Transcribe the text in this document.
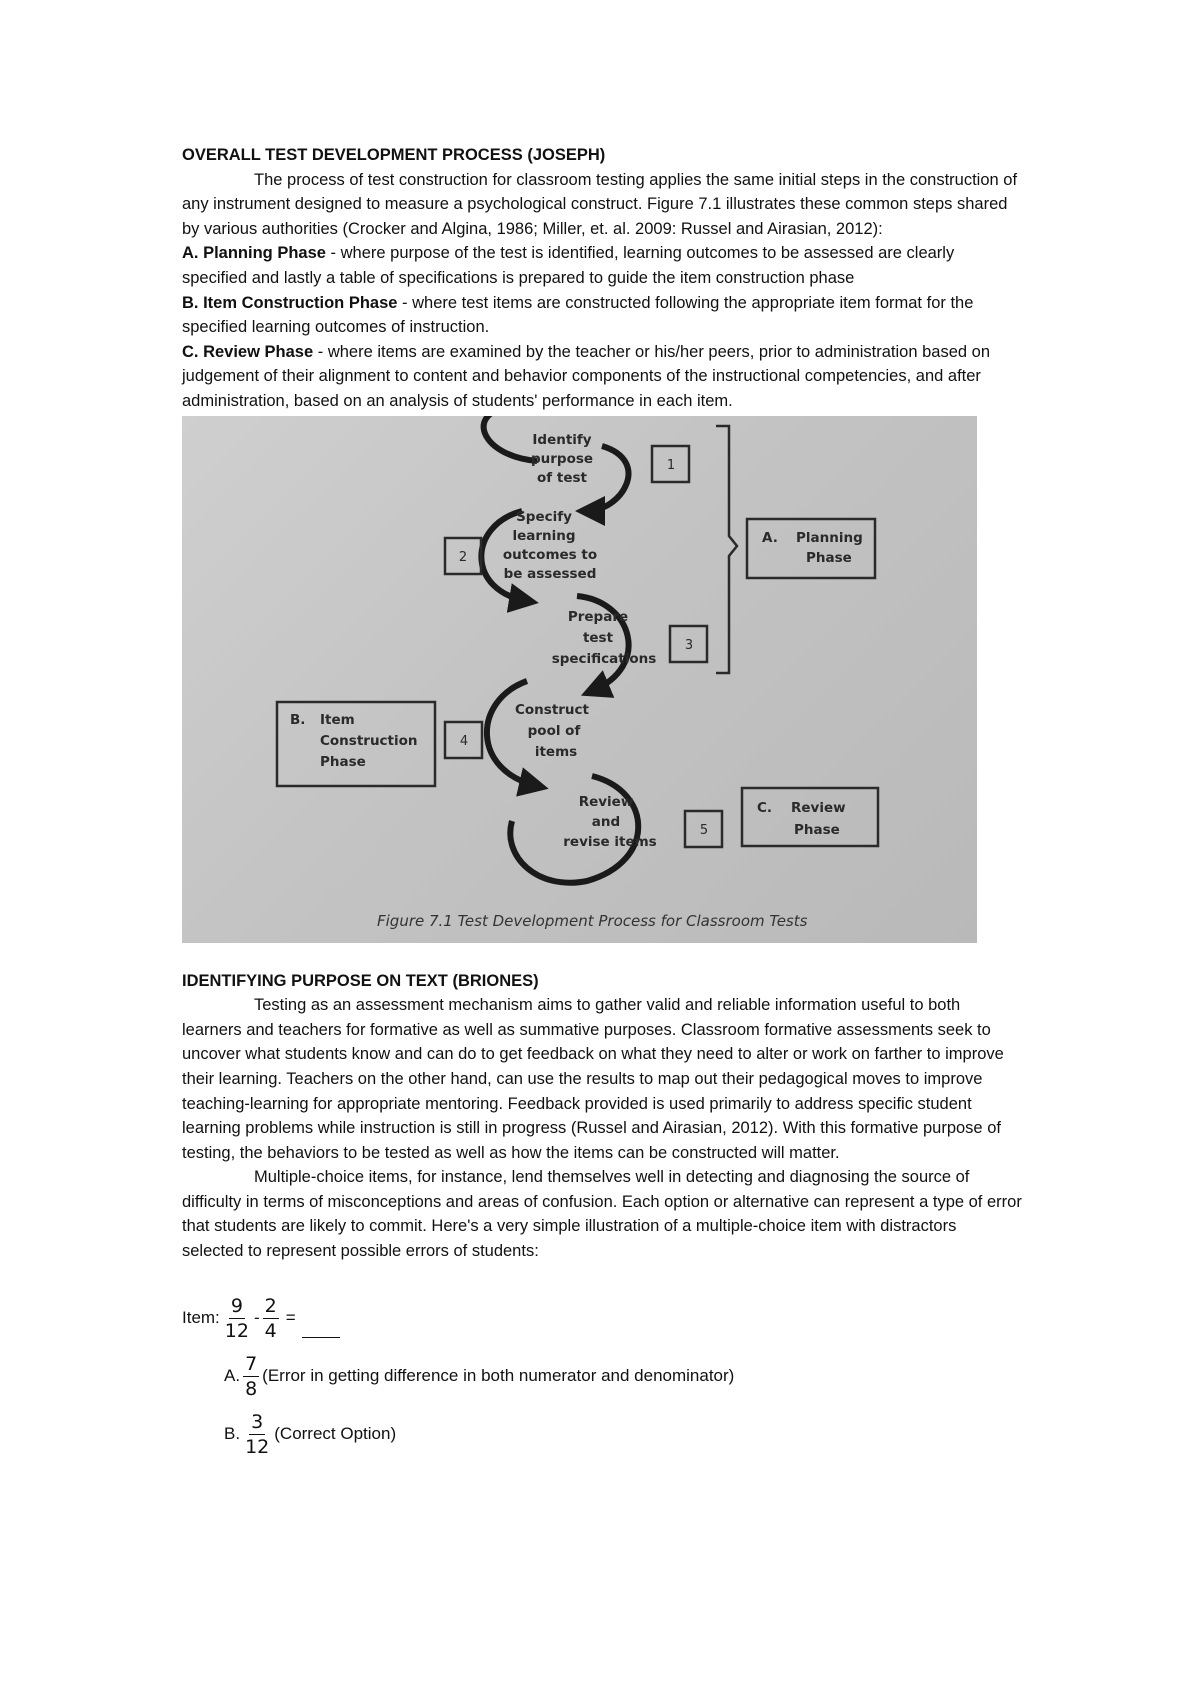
OVERALL TEST DEVELOPMENT PROCESS (JOSEPH)

The process of test construction for classroom testing applies the same initial steps in the construction of any instrument designed to measure a psychological construct. Figure 7.1 illustrates these common steps shared by various authorities (Crocker and Algina, 1986; Miller, et. al. 2009: Russel and Airasian, 2012):

A. Planning Phase - where purpose of the test is identified, learning outcomes to be assessed are clearly specified and lastly a table of specifications is prepared to guide the item construction phase

B. Item Construction Phase - where test items are constructed following the appropriate item format for the specified learning outcomes of instruction.

C. Review Phase - where items are examined by the teacher or his/her peers, prior to administration based on judgement of their alignment to content and behavior components of the instructional competencies, and after administration, based on an analysis of students' performance in each item.

Identify purpose of test
Specify learning outcomes to be assessed
Prepare test specifications
Construct pool of items
Review and revise items
1
2
3
4
5
A. Planning Phase
B. Item Construction Phase
C. Review Phase
Figure 7.1 Test Development Process for Classroom Tests

IDENTIFYING PURPOSE ON TEXT (BRIONES)

Testing as an assessment mechanism aims to gather valid and reliable information useful to both learners and teachers for formative as well as summative purposes. Classroom formative assessments seek to uncover what students know and can do to get feedback on what they need to alter or work on farther to improve their learning. Teachers on the other hand, can use the results to map out their pedagogical moves to improve teaching-learning for appropriate mentoring. Feedback provided is used primarily to address specific student learning problems while instruction is still in progress (Russel and Airasian, 2012). With this formative purpose of testing, the behaviors to be tested as well as how the items can be constructed will matter.

Multiple-choice items, for instance, lend themselves well in detecting and diagnosing the source of difficulty in terms of misconceptions and areas of confusion. Each option or alternative can represent a type of error that students are likely to commit. Here's a very simple illustration of a multiple-choice item with distractors selected to represent possible errors of students:

Item: $\frac{9}{12} - \frac{2}{4}$ =
A. $\frac{7}{8}$ (Error in getting difference in both numerator and denominator)
B. $\frac{3}{12}$ (Correct Option)
